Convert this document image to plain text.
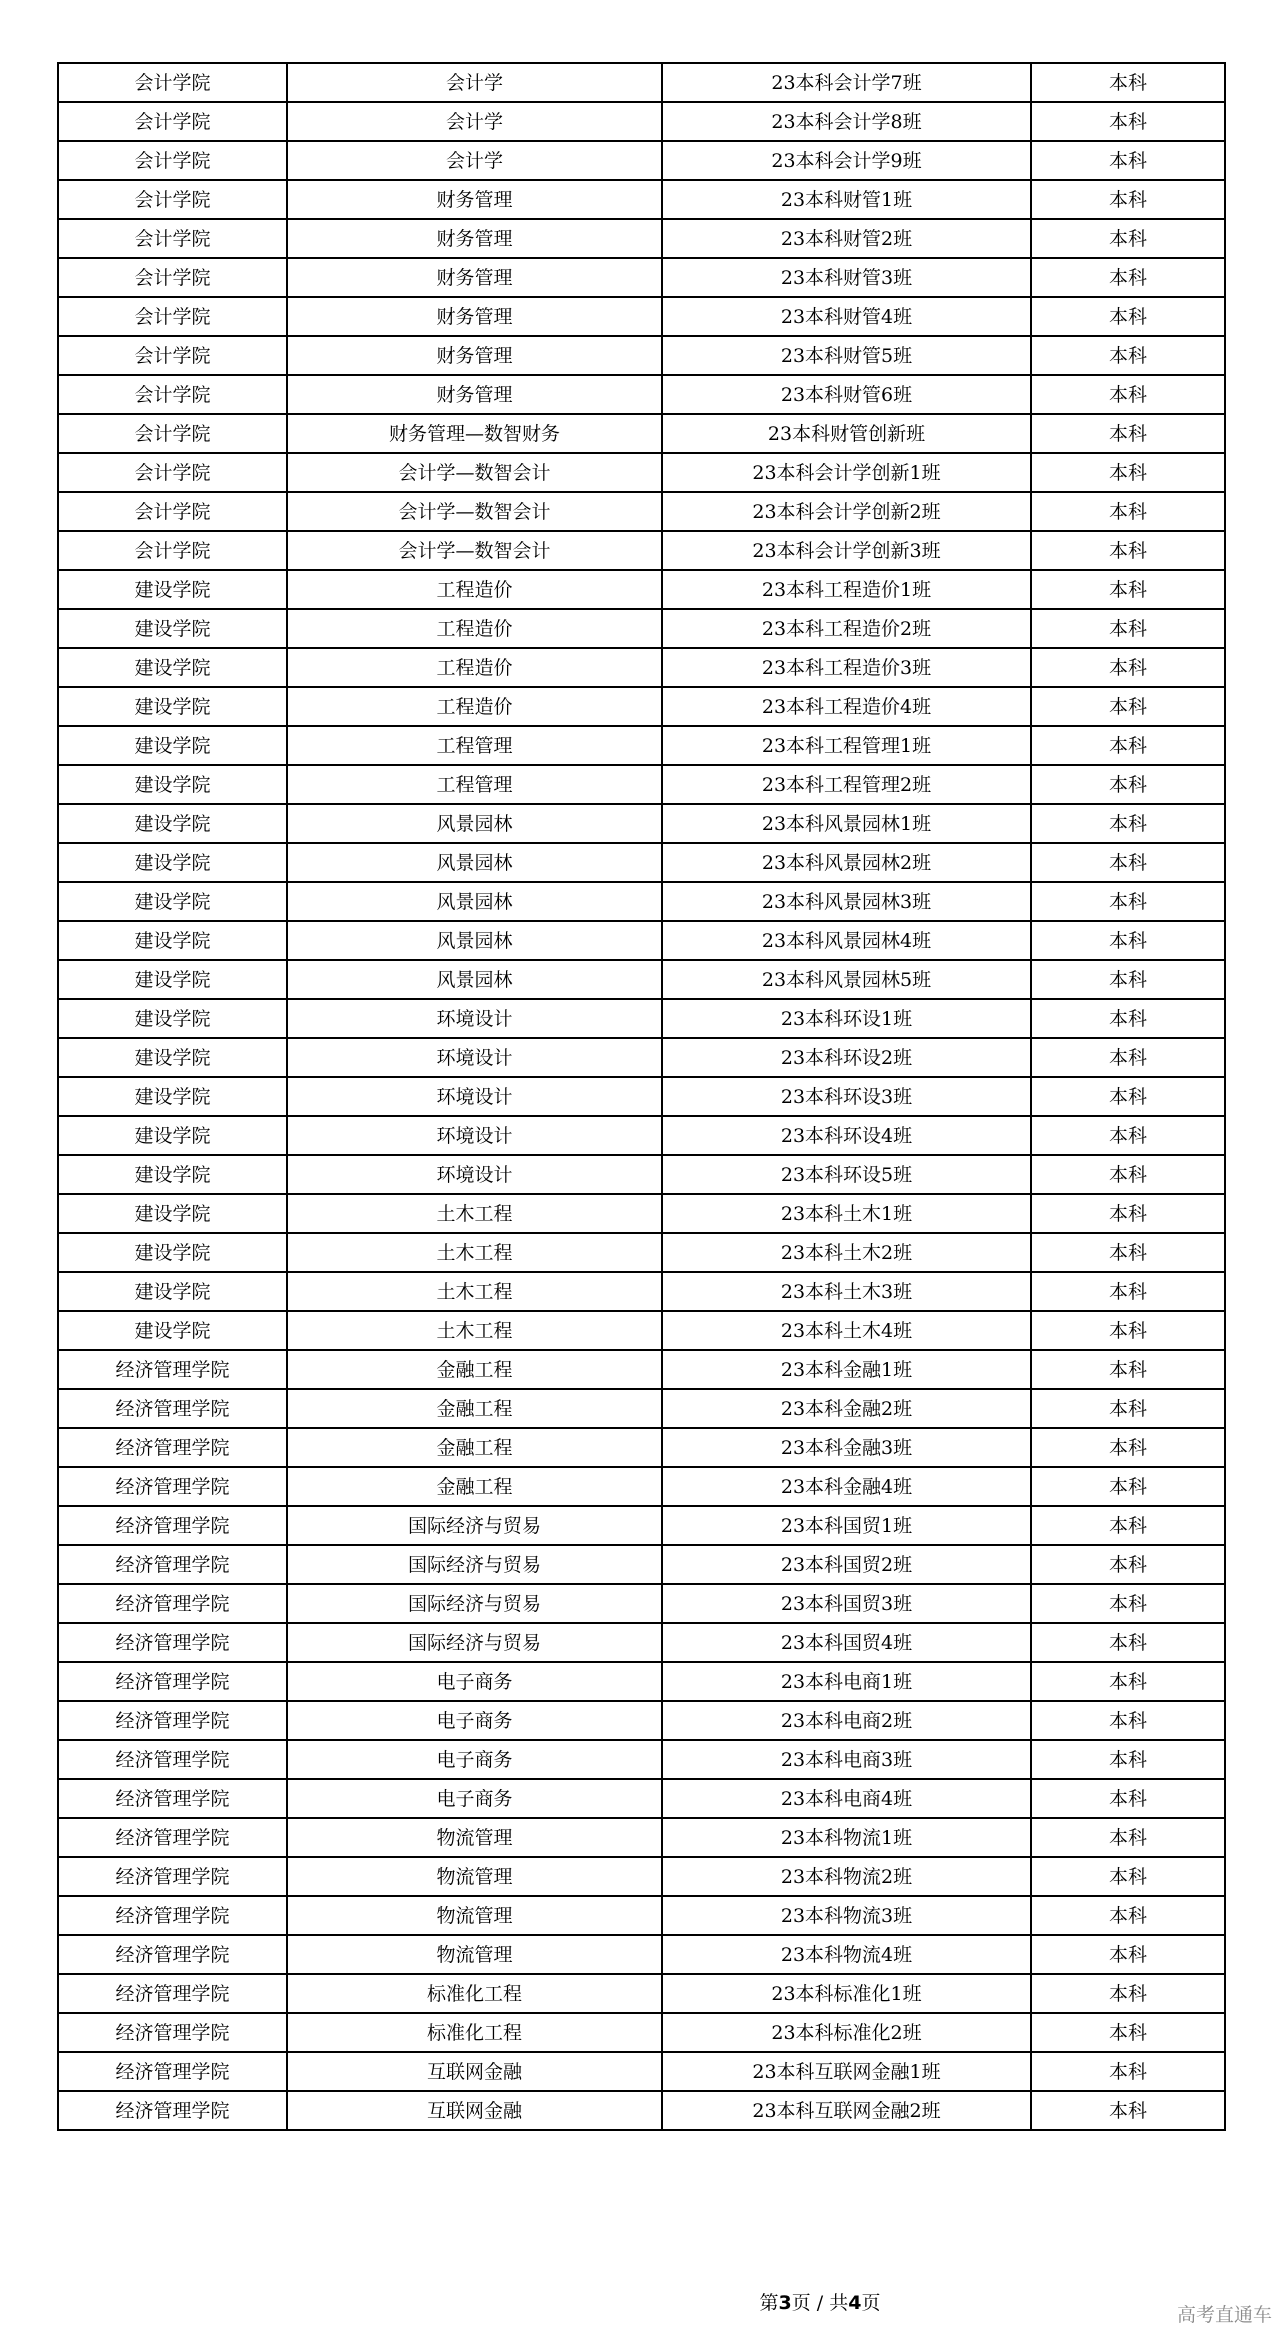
会计学院	会计学	23本科会计学7班	本科
会计学院	会计学	23本科会计学8班	本科
会计学院	会计学	23本科会计学9班	本科
会计学院	财务管理	23本科财管1班	本科
会计学院	财务管理	23本科财管2班	本科
会计学院	财务管理	23本科财管3班	本科
会计学院	财务管理	23本科财管4班	本科
会计学院	财务管理	23本科财管5班	本科
会计学院	财务管理	23本科财管6班	本科
会计学院	财务管理—数智财务	23本科财管创新班	本科
会计学院	会计学—数智会计	23本科会计学创新1班	本科
会计学院	会计学—数智会计	23本科会计学创新2班	本科
会计学院	会计学—数智会计	23本科会计学创新3班	本科
建设学院	工程造价	23本科工程造价1班	本科
建设学院	工程造价	23本科工程造价2班	本科
建设学院	工程造价	23本科工程造价3班	本科
建设学院	工程造价	23本科工程造价4班	本科
建设学院	工程管理	23本科工程管理1班	本科
建设学院	工程管理	23本科工程管理2班	本科
建设学院	风景园林	23本科风景园林1班	本科
建设学院	风景园林	23本科风景园林2班	本科
建设学院	风景园林	23本科风景园林3班	本科
建设学院	风景园林	23本科风景园林4班	本科
建设学院	风景园林	23本科风景园林5班	本科
建设学院	环境设计	23本科环设1班	本科
建设学院	环境设计	23本科环设2班	本科
建设学院	环境设计	23本科环设3班	本科
建设学院	环境设计	23本科环设4班	本科
建设学院	环境设计	23本科环设5班	本科
建设学院	土木工程	23本科土木1班	本科
建设学院	土木工程	23本科土木2班	本科
建设学院	土木工程	23本科土木3班	本科
建设学院	土木工程	23本科土木4班	本科
经济管理学院	金融工程	23本科金融1班	本科
经济管理学院	金融工程	23本科金融2班	本科
经济管理学院	金融工程	23本科金融3班	本科
经济管理学院	金融工程	23本科金融4班	本科
经济管理学院	国际经济与贸易	23本科国贸1班	本科
经济管理学院	国际经济与贸易	23本科国贸2班	本科
经济管理学院	国际经济与贸易	23本科国贸3班	本科
经济管理学院	国际经济与贸易	23本科国贸4班	本科
经济管理学院	电子商务	23本科电商1班	本科
经济管理学院	电子商务	23本科电商2班	本科
经济管理学院	电子商务	23本科电商3班	本科
经济管理学院	电子商务	23本科电商4班	本科
经济管理学院	物流管理	23本科物流1班	本科
经济管理学院	物流管理	23本科物流2班	本科
经济管理学院	物流管理	23本科物流3班	本科
经济管理学院	物流管理	23本科物流4班	本科
经济管理学院	标准化工程	23本科标准化1班	本科
经济管理学院	标准化工程	23本科标准化2班	本科
经济管理学院	互联网金融	23本科互联网金融1班	本科
经济管理学院	互联网金融	23本科互联网金融2班	本科
第3页 / 共4页
高考直通车
